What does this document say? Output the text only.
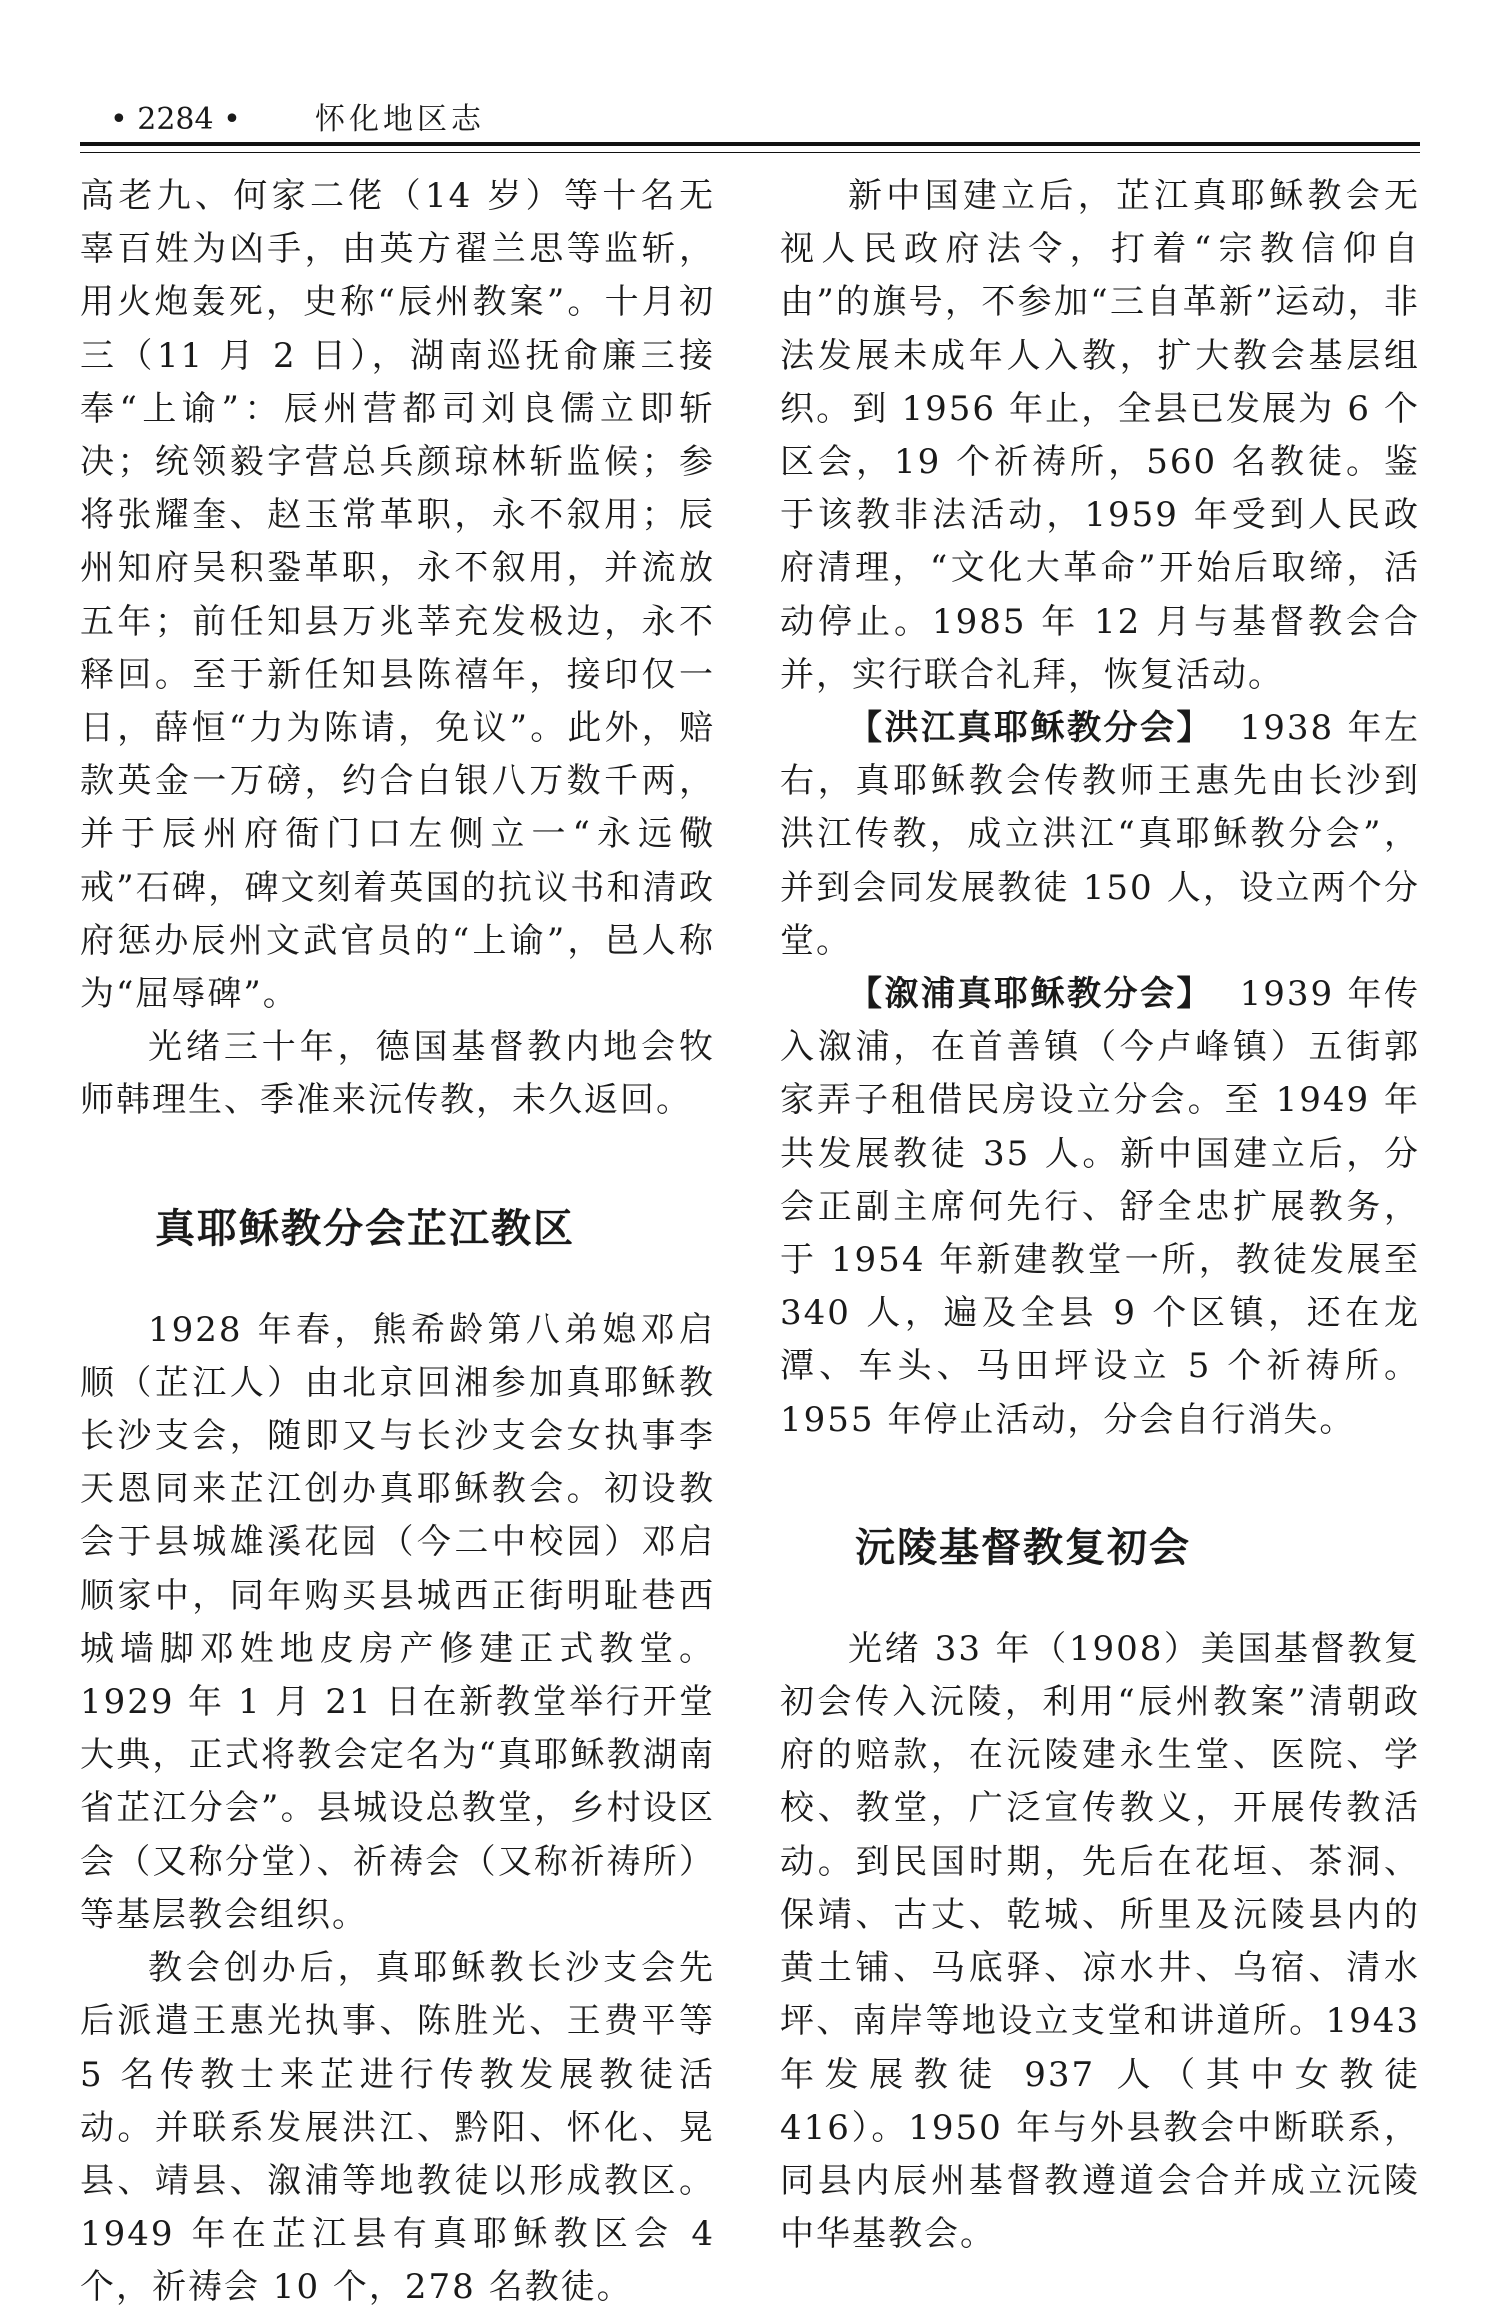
• 2284 • 怀化地区志

高老九、何家二佬（14 岁）等十名无辜百姓为凶手，由英方翟兰思等监斩，用火炮轰死，史称“辰州教案”。十月初三（11 月 2 日），湖南巡抚俞廉三接奉“上谕”：辰州营都司刘良儒立即斩决；统领毅字营总兵颜琼林斩监候；参将张耀奎、赵玉常革职，永不叙用；辰州知府吴积銎革职，永不叙用，并流放五年；前任知县万兆莘充发极边，永不释回。至于新任知县陈禧年，接印仅一日，薛恒“力为陈请，免议”。此外，赔款英金一万磅，约合白银八万数千两，并于辰州府衙门口左侧立一“永远儆戒”石碑，碑文刻着英国的抗议书和清政府惩办辰州文武官员的“上谕”，邑人称为“屈辱碑”。

光绪三十年，德国基督教内地会牧师韩理生、季准来沅传教，未久返回。

真耶稣教分会芷江教区

1928 年春，熊希龄第八弟媳邓启顺（芷江人）由北京回湘参加真耶稣教长沙支会，随即又与长沙支会女执事李天恩同来芷江创办真耶稣教会。初设教会于县城雄溪花园（今二中校园）邓启顺家中，同年购买县城西正街明耻巷西城墙脚邓姓地皮房产修建正式教堂。1929 年 1 月 21 日在新教堂举行开堂大典，正式将教会定名为“真耶稣教湖南省芷江分会”。县城设总教堂，乡村设区会（又称分堂）、祈祷会（又称祈祷所）等基层教会组织。

教会创办后，真耶稣教长沙支会先后派遣王惠光执事、陈胜光、王费平等 5 名传教士来芷进行传教发展教徒活动。并联系发展洪江、黔阳、怀化、晃县、靖县、溆浦等地教徒以形成教区。1949 年在芷江县有真耶稣教区会 4 个，祈祷会 10 个，278 名教徒。

新中国建立后，芷江真耶稣教会无视人民政府法令，打着“宗教信仰自由”的旗号，不参加“三自革新”运动，非法发展未成年人入教，扩大教会基层组织。到 1956 年止，全县已发展为 6 个区会，19 个祈祷所，560 名教徒。鉴于该教非法活动，1959 年受到人民政府清理，“文化大革命”开始后取缔，活动停止。1985 年 12 月与基督教会合并，实行联合礼拜，恢复活动。

【洪江真耶稣教分会】 1938 年左右，真耶稣教会传教师王惠先由长沙到洪江传教，成立洪江“真耶稣教分会”，并到会同发展教徒 150 人，设立两个分堂。

【溆浦真耶稣教分会】 1939 年传入溆浦，在首善镇（今卢峰镇）五街郭家弄子租借民房设立分会。至 1949 年共发展教徒 35 人。新中国建立后，分会正副主席何先行、舒全忠扩展教务，于 1954 年新建教堂一所，教徒发展至 340 人，遍及全县 9 个区镇，还在龙潭、车头、马田坪设立 5 个祈祷所。1955 年停止活动，分会自行消失。

沅陵基督教复初会

光绪 33 年（1908）美国基督教复初会传入沅陵，利用“辰州教案”清朝政府的赔款，在沅陵建永生堂、医院、学校、教堂，广泛宣传教义，开展传教活动。到民国时期，先后在花垣、茶洞、保靖、古丈、乾城、所里及沅陵县内的黄土铺、马底驿、凉水井、乌宿、清水坪、南岸等地设立支堂和讲道所。1943 年发展教徒 937 人（其中女教徒 416）。1950 年与外县教会中断联系，同县内辰州基督教遵道会合并成立沅陵中华基教会。
